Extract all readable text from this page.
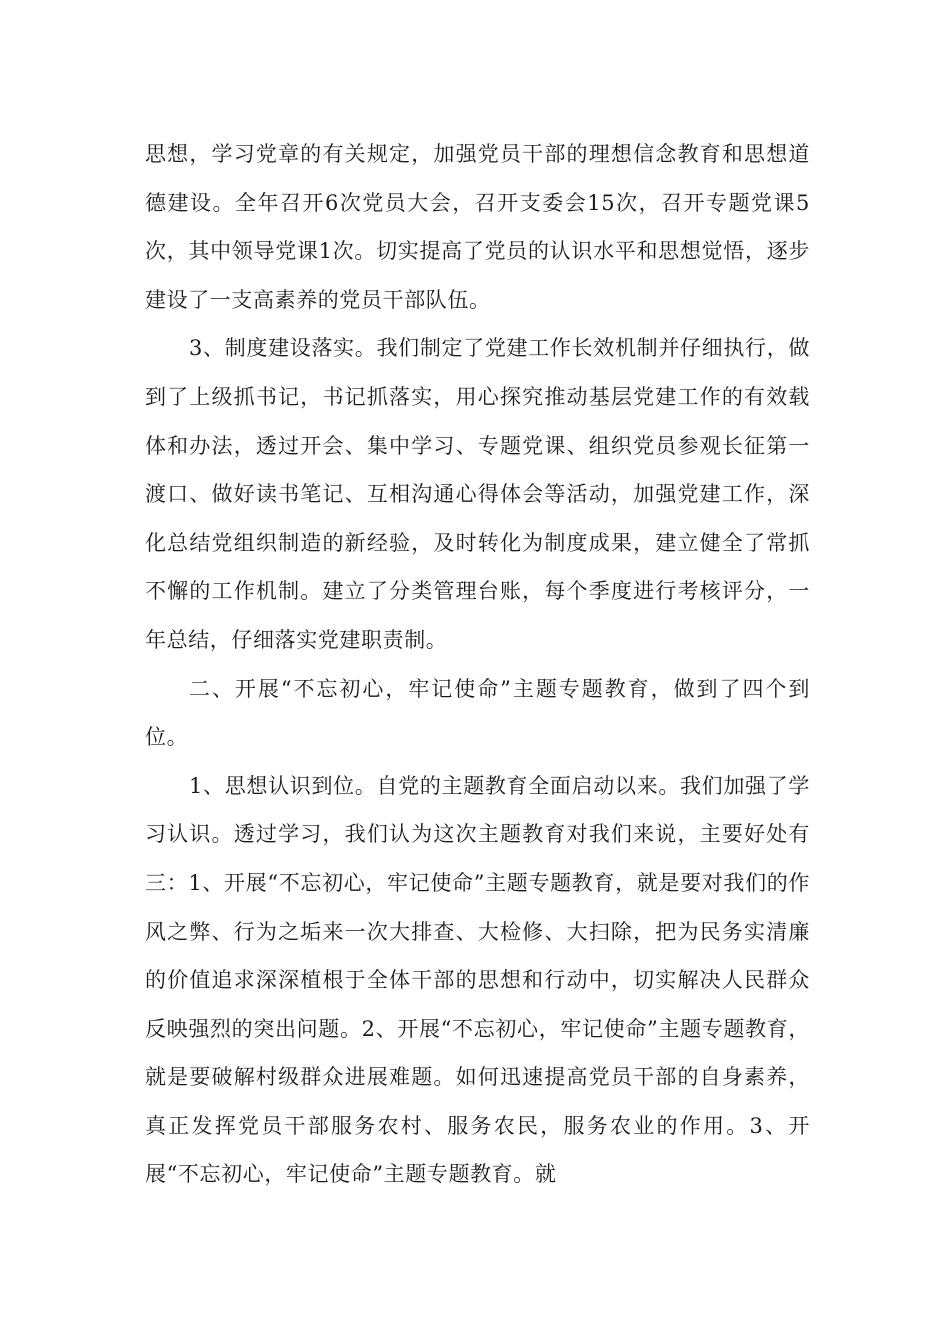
思想，学习党章的有关规定，加强党员干部的理想信念教育和思想道德建设。全年召开6次党员大会，召开支委会15次，召开专题党课5次，其中领导党课1次。切实提高了党员的认识水平和思想觉悟，逐步建设了一支高素养的党员干部队伍。

3、制度建设落实。我们制定了党建工作长效机制并仔细执行，做到了上级抓书记，书记抓落实，用心探究推动基层党建工作的有效载体和办法，透过开会、集中学习、专题党课、组织党员参观长征第一渡口、做好读书笔记、互相沟通心得体会等活动，加强党建工作，深化总结党组织制造的新经验，及时转化为制度成果，建立健全了常抓不懈的工作机制。建立了分类管理台账，每个季度进行考核评分，一年总结，仔细落实党建职责制。

二、开展“不忘初心，牢记使命”主题专题教育，做到了四个到位。

1、思想认识到位。自党的主题教育全面启动以来。我们加强了学习认识。透过学习，我们认为这次主题教育对我们来说，主要好处有三：1、开展“不忘初心，牢记使命”主题专题教育，就是要对我们的作风之弊、行为之垢来一次大排查、大检修、大扫除，把为民务实清廉的价值追求深深植根于全体干部的思想和行动中，切实解决人民群众反映强烈的突出问题。2、开展“不忘初心，牢记使命”主题专题教育，就是要破解村级群众进展难题。如何迅速提高党员干部的自身素养，真正发挥党员干部服务农村、服务农民，服务农业的作用。3、开展“不忘初心，牢记使命”主题专题教育。就
